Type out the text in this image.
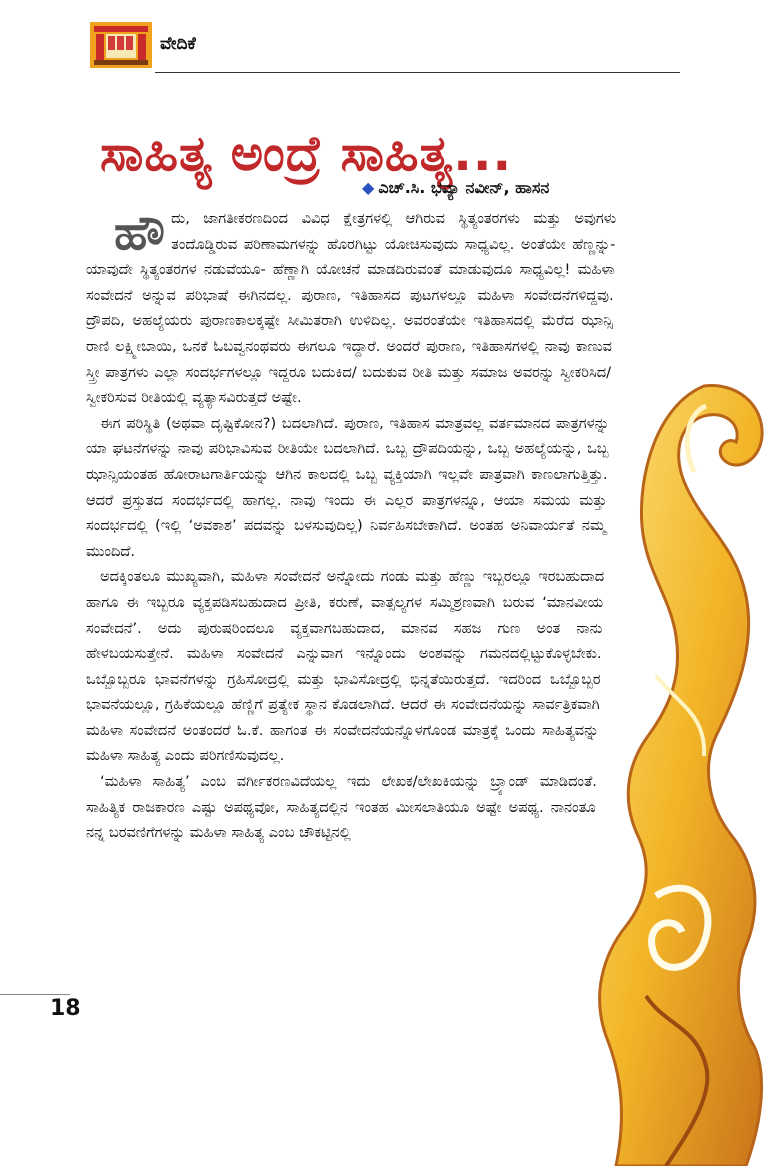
ವೇದಿಕೆ
ಸಾಹಿತ್ಯ ಅಂದ್ರೆ ಸಾಹಿತ್ಯ...
◆ ಎಚ್.ಸಿ. ಭವ್ಯಾ ನವೀನ್, ಹಾಸನ

ಹೌದು, ಜಾಗತೀಕರಣದಿಂದ ವಿವಿಧ ಕ್ಷೇತ್ರಗಳಲ್ಲಿ ಆಗಿರುವ ಸ್ಥಿತ್ಯಂತರಗಳು ಮತ್ತು ಅವುಗಳು ತಂದೊಡ್ಡಿರುವ ಪರಿಣಾಮಗಳನ್ನು ಹೊರಗಿಟ್ಟು ಯೋಚಿಸುವುದು ಸಾಧ್ಯವಿಲ್ಲ. ಅಂತೆಯೇ ಹೆಣ್ಣನ್ನು- ಯಾವುದೇ ಸ್ಥಿತ್ಯಂತರಗಳ ನಡುವೆಯೂ- ಹೆಣ್ಣಾಗಿ ಯೋಚನೆ ಮಾಡದಿರುವಂತೆ ಮಾಡುವುದೂ ಸಾಧ್ಯವಿಲ್ಲ! ಮಹಿಳಾ ಸಂವೇದನೆ ಅನ್ನುವ ಪರಿಭಾಷೆ ಈಗಿನದಲ್ಲ. ಪುರಾಣ, ಇತಿಹಾಸದ ಪುಟಗಳಲ್ಲೂ ಮಹಿಳಾ ಸಂವೇದನೆಗಳಿದ್ದವು. ದ್ರೌಪದಿ, ಅಹಲ್ಯೆಯರು ಪುರಾಣಕಾಲಕ್ಕಷ್ಟೇ ಸೀಮಿತರಾಗಿ ಉಳಿದಿಲ್ಲ. ಅವರಂತೆಯೇ ಇತಿಹಾಸದಲ್ಲಿ ಮೆರೆದ ಝಾನ್ಸಿ ರಾಣಿ ಲಕ್ಷ್ಮೀಬಾಯಿ, ಒನಕೆ ಓಬವ್ವನಂಥವರು ಈಗಲೂ ಇದ್ದಾರೆ. ಅಂದರೆ ಪುರಾಣ, ಇತಿಹಾಸಗಳಲ್ಲಿ ನಾವು ಕಾಣುವ ಸ್ತ್ರೀ ಪಾತ್ರಗಳು ಎಲ್ಲಾ ಸಂದರ್ಭಗಳಲ್ಲೂ ಇದ್ದರೂ ಬದುಕಿದ/ ಬದುಕುವ ರೀತಿ ಮತ್ತು ಸಮಾಜ ಅವರನ್ನು ಸ್ವೀಕರಿಸಿದ/ಸ್ವೀಕರಿಸುವ ರೀತಿಯಲ್ಲಿ ವ್ಯತ್ಯಾಸವಿರುತ್ತದೆ ಅಷ್ಟೇ.

ಈಗ ಪರಿಸ್ಥಿತಿ (ಅಥವಾ ದೃಷ್ಟಿಕೋನ?) ಬದಲಾಗಿದೆ. ಪುರಾಣ, ಇತಿಹಾಸ ಮಾತ್ರವಲ್ಲ ವರ್ತಮಾನದ ಪಾತ್ರಗಳನ್ನು ಯಾ ಘಟನೆಗಳನ್ನು ನಾವು ಪರಿಭಾವಿಸುವ ರೀತಿಯೇ ಬದಲಾಗಿದೆ. ಒಬ್ಬ ದ್ರೌಪದಿಯನ್ನು, ಒಬ್ಬ ಅಹಲ್ಯೆಯನ್ನು, ಒಬ್ಬ ಝಾನ್ಸಿಯಂತಹ ಹೋರಾಟಗಾರ್ತಿಯನ್ನು ಆಗಿನ ಕಾಲದಲ್ಲಿ ಒಬ್ಬ ವ್ಯಕ್ತಿಯಾಗಿ ಇಲ್ಲವೇ ಪಾತ್ರವಾಗಿ ಕಾಣಲಾಗುತ್ತಿತ್ತು. ಆದರೆ ಪ್ರಸ್ತುತದ ಸಂದರ್ಭದಲ್ಲಿ ಹಾಗಲ್ಲ. ನಾವು ಇಂದು ಈ ಎಲ್ಲರ ಪಾತ್ರಗಳನ್ನೂ, ಆಯಾ ಸಮಯ ಮತ್ತು ಸಂದರ್ಭದಲ್ಲಿ (ಇಲ್ಲಿ ‘ಅವಕಾಶ’ ಪದವನ್ನು ಬಳಸುವುದಿಲ್ಲ) ನಿರ್ವಹಿಸಬೇಕಾಗಿದೆ. ಅಂತಹ ಅನಿವಾರ್ಯತೆ ನಮ್ಮ ಮುಂದಿದೆ.

ಅದಕ್ಕಿಂತಲೂ ಮುಖ್ಯವಾಗಿ, ಮಹಿಳಾ ಸಂವೇದನೆ ಅನ್ನೋದು ಗಂಡು ಮತ್ತು ಹೆಣ್ಣು ಇಬ್ಬರಲ್ಲೂ ಇರಬಹುದಾದ ಹಾಗೂ ಈ ಇಬ್ಬರೂ ವ್ಯಕ್ತಪಡಿಸಬಹುದಾದ ಪ್ರೀತಿ, ಕರುಣೆ, ವಾತ್ಸಲ್ಯಗಳ ಸಮ್ಮಿಶ್ರಣವಾಗಿ ಬರುವ ‘ಮಾನವೀಯ ಸಂವೇದನೆ’. ಅದು ಪುರುಷರಿಂದಲೂ ವ್ಯಕ್ತವಾಗಬಹುದಾದ, ಮಾನವ ಸಹಜ ಗುಣ ಅಂತ ನಾನು ಹೇಳಬಯಸುತ್ತೇನೆ. ಮಹಿಳಾ ಸಂವೇದನೆ ಎನ್ನುವಾಗ ಇನ್ನೊಂದು ಅಂಶವನ್ನು ಗಮನದಲ್ಲಿಟ್ಟುಕೊಳ್ಳಬೇಕು. ಒಬ್ಬೊಬ್ಬರೂ ಭಾವನೆಗಳನ್ನು ಗ್ರಹಿಸೋದ್ರಲ್ಲಿ ಮತ್ತು ಭಾವಿಸೋದ್ರಲ್ಲಿ ಭಿನ್ನತೆಯಿರುತ್ತದೆ. ಇದರಿಂದ ಒಬ್ಬೊಬ್ಬರ ಭಾವನೆಯಲ್ಲೂ, ಗ್ರಹಿಕೆಯಲ್ಲೂ ಹೆಣ್ಣಿಗೆ ಪ್ರತ್ಯೇಕ ಸ್ಥಾನ ಕೊಡಲಾಗಿದೆ. ಆದರೆ ಈ ಸಂವೇದನೆಯನ್ನು ಸಾರ್ವತ್ರಿಕವಾಗಿ ಮಹಿಳಾ ಸಂವೇದನೆ ಅಂತಂದರೆ ಓ.ಕೆ. ಹಾಗಂತ ಈ ಸಂವೇದನೆಯನ್ನೊಳಗೊಂಡ ಮಾತ್ರಕ್ಕೆ ಒಂದು ಸಾಹಿತ್ಯವನ್ನು ಮಹಿಳಾ ಸಾಹಿತ್ಯ ಎಂದು ಪರಿಗಣಿಸುವುದಲ್ಲ.

‘ಮಹಿಳಾ ಸಾಹಿತ್ಯ’ ಎಂಬ ವರ್ಗೀಕರಣವಿದೆಯಲ್ಲ ಇದು ಲೇಖಕ/ಲೇಖಕಿಯನ್ನು ಬ್ರ್ಯಾಂಡ್ ಮಾಡಿದಂತೆ. ಸಾಹಿತ್ಯಿಕ ರಾಜಕಾರಣ ಎಷ್ಟು ಅಪಥ್ಯವೋ, ಸಾಹಿತ್ಯದಲ್ಲಿನ ಇಂತಹ ಮೀಸಲಾತಿಯೂ ಅಷ್ಟೇ ಅಪಥ್ಯ. ನಾನಂತೂ ನನ್ನ ಬರವಣಿಗೆಗಳನ್ನು ಮಹಿಳಾ ಸಾಹಿತ್ಯ ಎಂಬ ಚೌಕಟ್ಟಿನಲ್ಲಿ

18
